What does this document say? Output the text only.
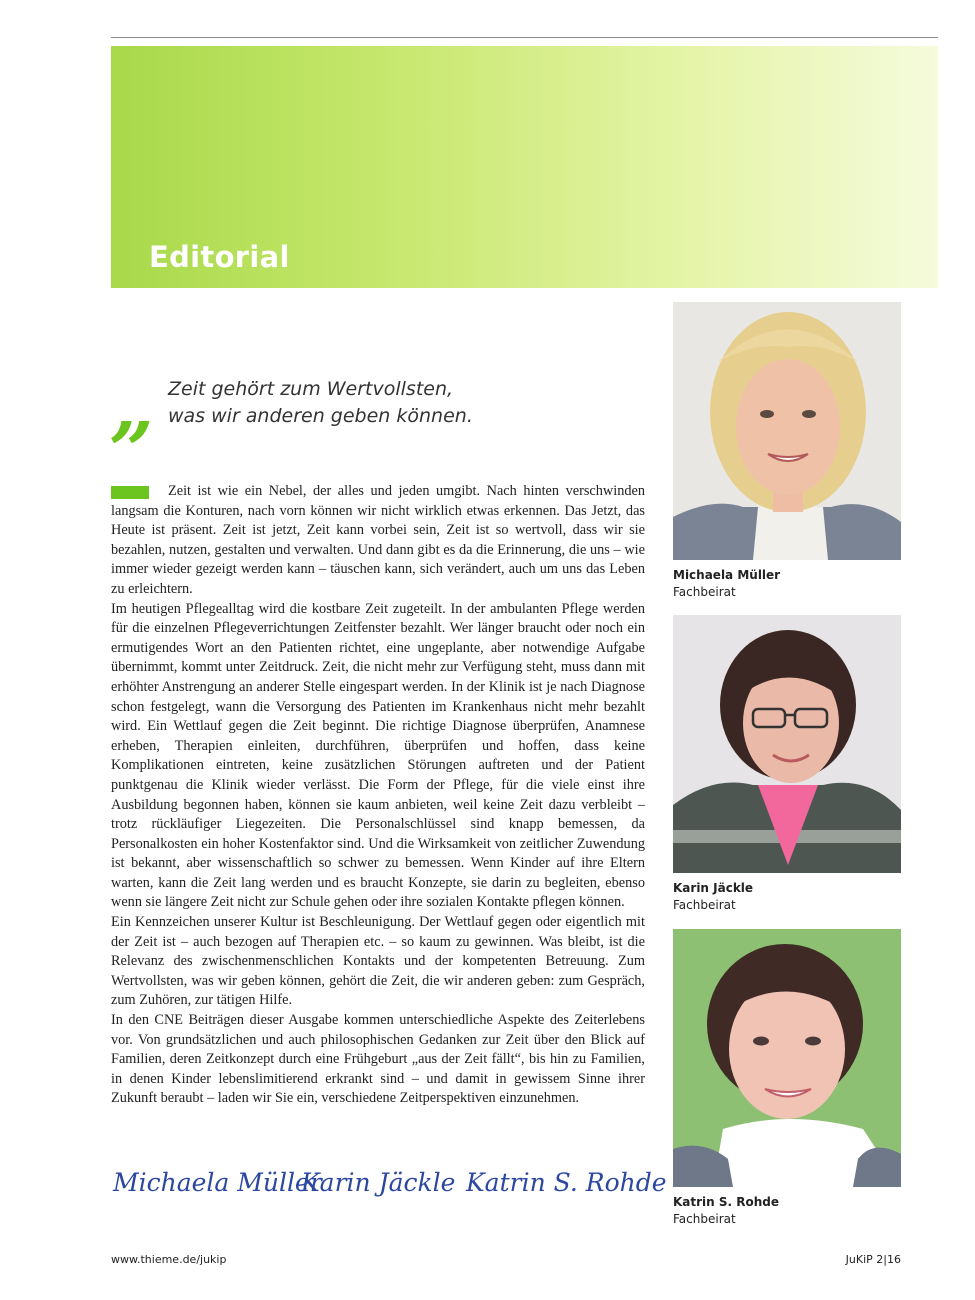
Editorial
„ Zeit gehört zum Wertvollsten,
was wir anderen geben können.

Zeit ist wie ein Nebel, der alles und jeden umgibt. Nach hinten verschwinden langsam die Konturen, nach vorn können wir nicht wirklich etwas erkennen. Das Jetzt, das Heute ist präsent. Zeit ist jetzt, Zeit kann vorbei sein, Zeit ist so wertvoll, dass wir sie bezahlen, nutzen, gestalten und verwalten. Und dann gibt es da die Erinnerung, die uns – wie immer wieder gezeigt werden kann – täuschen kann, sich verändert, auch um uns das Leben zu erleichtern.

Im heutigen Pflegealltag wird die kostbare Zeit zugeteilt. In der ambulanten Pflege werden für die einzelnen Pflegeverrichtungen Zeitfenster bezahlt. Wer länger braucht oder noch ein ermutigendes Wort an den Patienten richtet, eine ungeplante, aber notwendige Aufgabe übernimmt, kommt unter Zeitdruck. Zeit, die nicht mehr zur Verfügung steht, muss dann mit erhöhter Anstrengung an anderer Stelle eingespart werden. In der Klinik ist je nach Diagnose schon festgelegt, wann die Versorgung des Patienten im Krankenhaus nicht mehr bezahlt wird. Ein Wettlauf gegen die Zeit beginnt. Die richtige Diagnose überprüfen, Anamnese erheben, Therapien einleiten, durchführen, überprüfen und hoffen, dass keine Komplikationen eintreten, keine zusätzlichen Störungen auftreten und der Patient punktgenau die Klinik wieder verlässt. Die Form der Pflege, für die viele einst ihre Ausbildung begonnen haben, können sie kaum anbieten, weil keine Zeit dazu verbleibt – trotz rückläufiger Liegezeiten. Die Personalschlüssel sind knapp bemessen, da Personalkosten ein hoher Kostenfaktor sind. Und die Wirksamkeit von zeitlicher Zuwendung ist bekannt, aber wissenschaftlich so schwer zu bemessen. Wenn Kinder auf ihre Eltern warten, kann die Zeit lang werden und es braucht Konzepte, sie darin zu begleiten, ebenso wenn sie längere Zeit nicht zur Schule gehen oder ihre sozialen Kontakte pflegen können.

Ein Kennzeichen unserer Kultur ist Beschleunigung. Der Wettlauf gegen oder eigentlich mit der Zeit ist – auch bezogen auf Therapien etc. – so kaum zu gewinnen. Was bleibt, ist die Relevanz des zwischenmenschlichen Kontakts und der kompetenten Betreuung. Zum Wertvollsten, was wir geben können, gehört die Zeit, die wir anderen geben: zum Gespräch, zum Zuhören, zur tätigen Hilfe.

In den CNE Beiträgen dieser Ausgabe kommen unterschiedliche Aspekte des Zeiterlebens vor. Von grundsätzlichen und auch philosophischen Gedanken zur Zeit über den Blick auf Familien, deren Zeitkonzept durch eine Frühgeburt „aus der Zeit fällt“, bis hin zu Familien, in denen Kinder lebenslimitierend erkrankt sind – und damit in gewissem Sinne ihrer Zukunft beraubt – laden wir Sie ein, verschiedene Zeitperspektiven einzunehmen.

Michaela Müller
Karin Jäckle Katrin S. Rohde
Michaela Müller
Fachbeirat
Karin Jäckle
Fachbeirat
Katrin S. Rohde
Fachbeirat
www.thieme.de/jukip	JuKiP 2|16
